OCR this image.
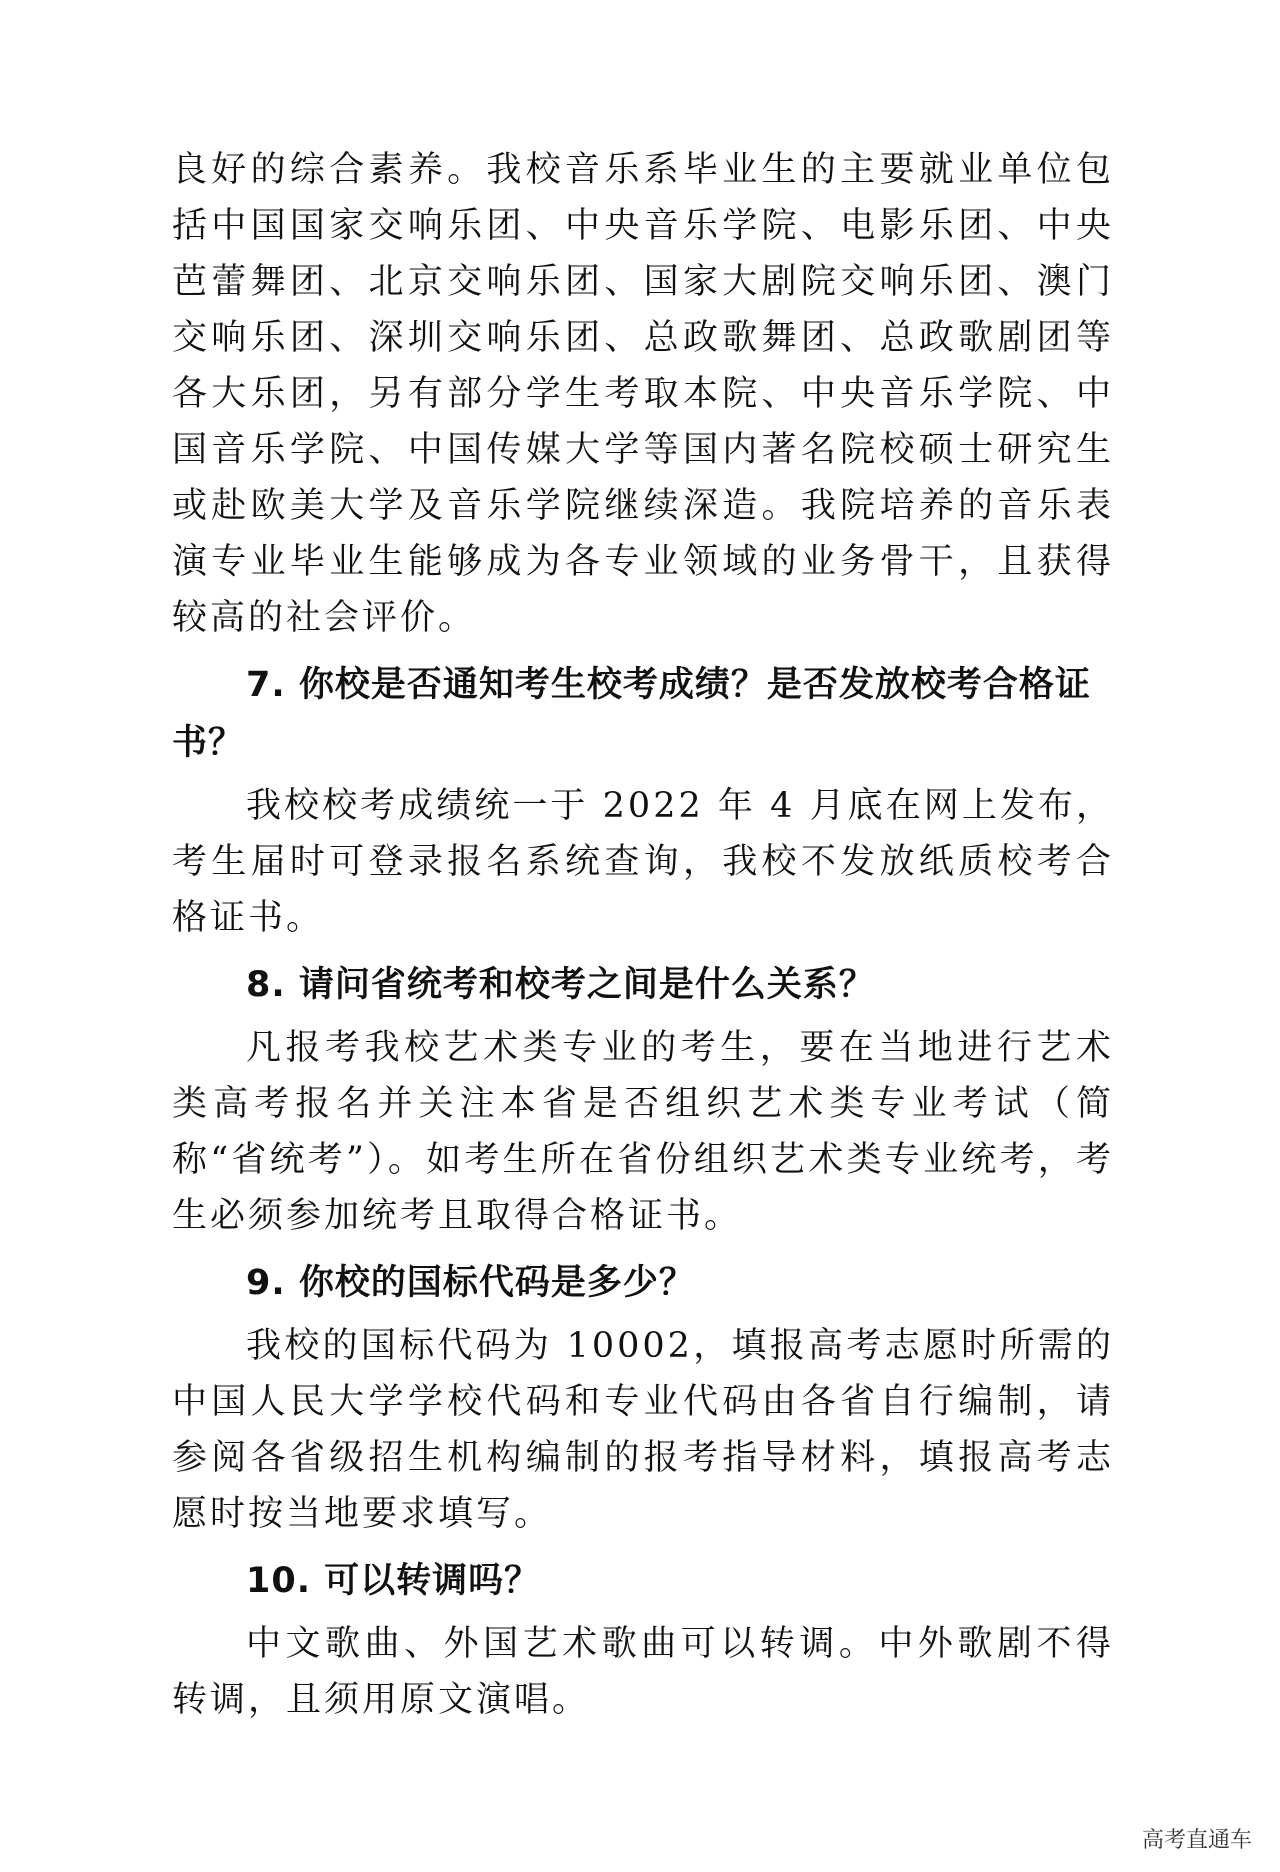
良好的综合素养。我校音乐系毕业生的主要就业单位包括中国国家交响乐团、中央音乐学院、电影乐团、中央芭蕾舞团、北京交响乐团、国家大剧院交响乐团、澳门交响乐团、深圳交响乐团、总政歌舞团、总政歌剧团等各大乐团，另有部分学生考取本院、中央音乐学院、中国音乐学院、中国传媒大学等国内著名院校硕士研究生或赴欧美大学及音乐学院继续深造。我院培养的音乐表演专业毕业生能够成为各专业领域的业务骨干，且获得较高的社会评价。

7. 你校是否通知考生校考成绩？是否发放校考合格证书？

我校校考成绩统一于 2022 年 4 月底在网上发布，考生届时可登录报名系统查询，我校不发放纸质校考合格证书。

8. 请问省统考和校考之间是什么关系？

凡报考我校艺术类专业的考生，要在当地进行艺术类高考报名并关注本省是否组织艺术类专业考试（简称“省统考”）。如考生所在省份组织艺术类专业统考，考生必须参加统考且取得合格证书。

9. 你校的国标代码是多少？

我校的国标代码为 10002，填报高考志愿时所需的中国人民大学学校代码和专业代码由各省自行编制，请参阅各省级招生机构编制的报考指导材料，填报高考志愿时按当地要求填写。

10. 可以转调吗？

中文歌曲、外国艺术歌曲可以转调。中外歌剧不得转调，且须用原文演唱。

高考直通车
